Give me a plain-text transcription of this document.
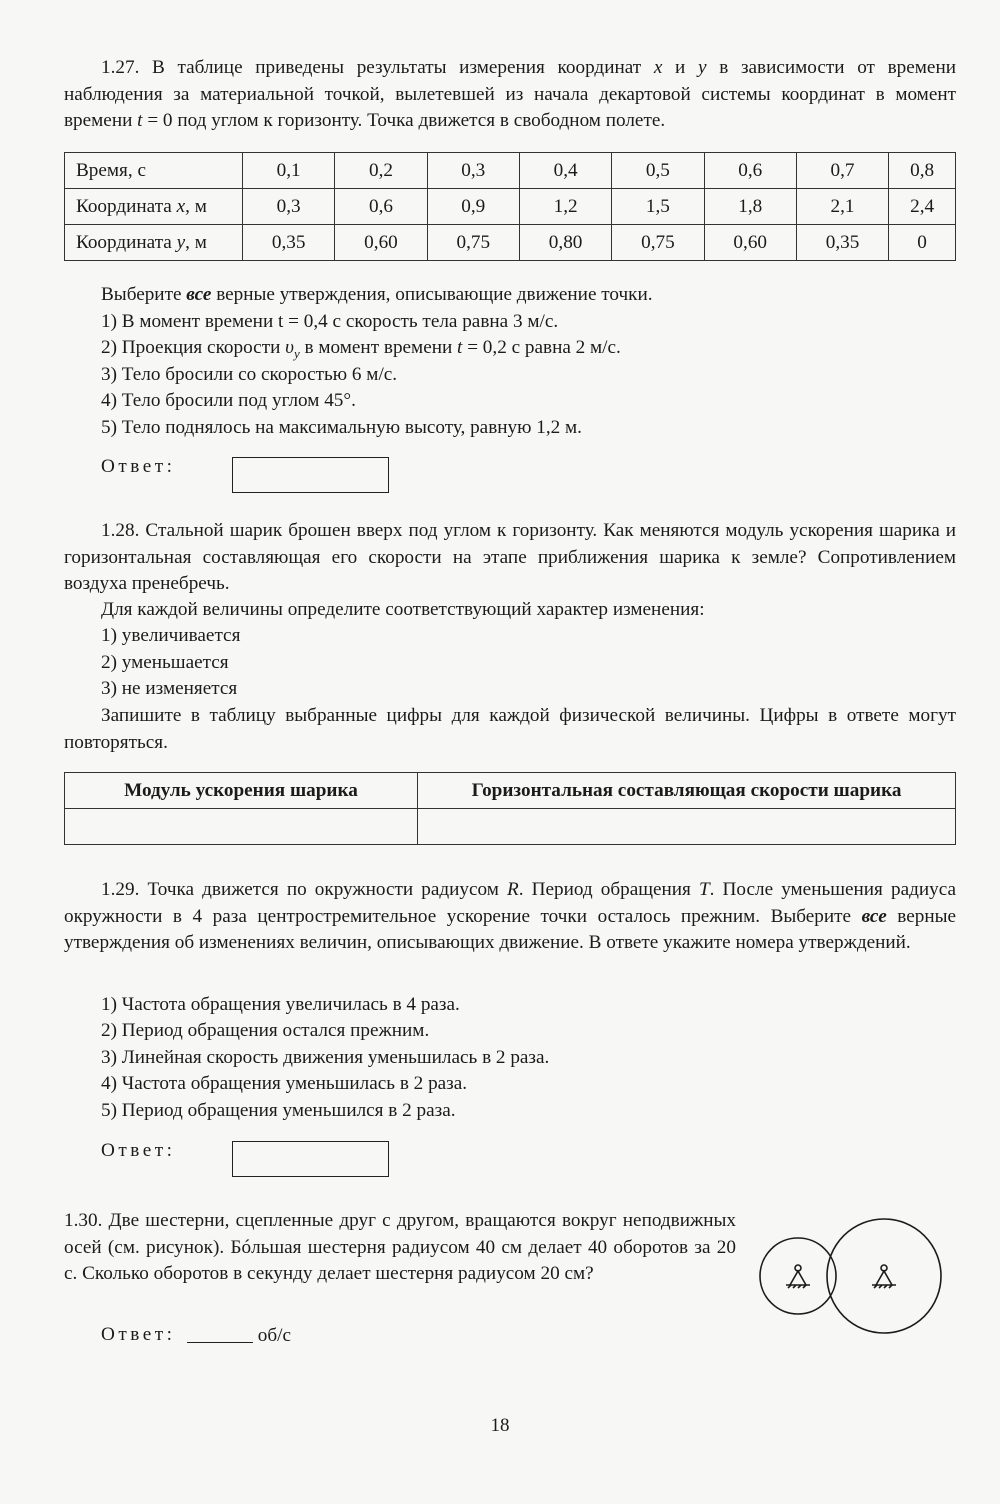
1.27. В таблице приведены результаты измерения координат x и y в зависимости от времени наблюдения за материальной точкой, вылетевшей из начала декартовой системы координат в момент времени t = 0 под углом к горизонту. Точка движется в свободном полете.

Время, с	0,1	0,2	0,3	0,4	0,5	0,6	0,7	0,8
Координата x, м	0,3	0,6	0,9	1,2	1,5	1,8	2,1	2,4
Координата y, м	0,35	0,60	0,75	0,80	0,75	0,60	0,35	0
Выберите все верные утверждения, описывающие движение точки.
1) В момент времени t = 0,4 с скорость тела равна 3 м/с.
2) Проекция скорости $\upsilon_y$ в момент времени t = 0,2 с равна 2 м/с.
3) Тело бросили со скоростью 6 м/с.
4) Тело бросили под углом 45°.
5) Тело поднялось на максимальную высоту, равную 1,2 м.
Ответ:

1.28. Стальной шарик брошен вверх под углом к горизонту. Как меняются модуль ускорения шарика и горизонтальная составляющая его скорости на этапе приближения шарика к земле? Сопротивлением воздуха пренебречь.

Для каждой величины определите соответствующий характер изменения:
1) увеличивается
2) уменьшается
3) не изменяется

Запишите в таблицу выбранные цифры для каждой физической величины. Цифры в ответе могут повторяться.

Модуль ускорения шарика	Горизонтальная составляющая скорости шарика

1.29. Точка движется по окружности радиусом R. Период обращения T. После уменьшения радиуса окружности в 4 раза центростремительное ускорение точки осталось прежним. Выберите все верные утверждения об изменениях величин, описывающих движение. В ответе укажите номера утверждений.

1) Частота обращения увеличилась в 4 раза.
2) Период обращения остался прежним.
3) Линейная скорость движения уменьшилась в 2 раза.
4) Частота обращения уменьшилась в 2 раза.
5) Период обращения уменьшился в 2 раза.
Ответ:

1.30. Две шестерни, сцепленные друг с другом, вращаются вокруг неподвижных осей (см. рисунок). Бóльшая шестерня радиусом 40 см делает 40 оборотов за 20 с. Сколько оборотов в секунду делает шестерня радиусом 20 см?

Ответ:	об/с
18
